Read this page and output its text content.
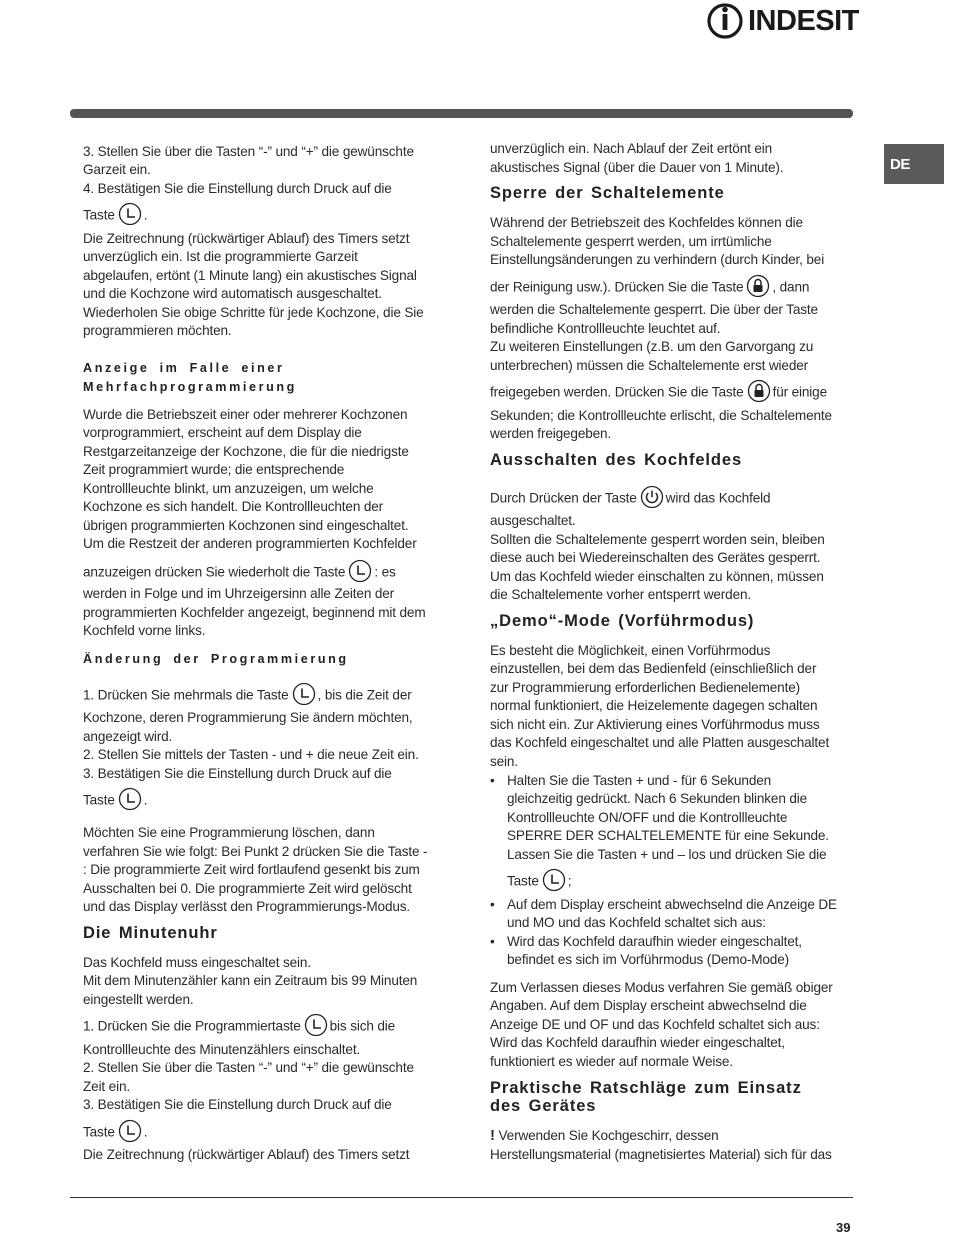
INDESIT
DE
3. Stellen Sie über die Tasten “-” und “+” die gewünschte
Garzeit ein.
4. Bestätigen Sie die Einstellung durch Druck auf die
Taste .
Die Zeitrechnung (rückwärtiger Ablauf) des Timers setzt
unverzüglich ein. Ist die programmierte Garzeit
abgelaufen, ertönt (1 Minute lang) ein akustisches Signal
und die Kochzone wird automatisch ausgeschaltet.
Wiederholen Sie obige Schritte für jede Kochzone, die Sie
programmieren möchten.
Anzeige im Falle einer
Mehrfachprogrammierung
Wurde die Betriebszeit einer oder mehrerer Kochzonen
vorprogrammiert, erscheint auf dem Display die
Restgarzeitanzeige der Kochzone, die für die niedrigste
Zeit programmiert wurde; die entsprechende
Kontrollleuchte blinkt, um anzuzeigen, um welche
Kochzone es sich handelt. Die Kontrollleuchten der
übrigen programmierten Kochzonen sind eingeschaltet.
Um die Restzeit der anderen programmierten Kochfelder
anzuzeigen drücken Sie wiederholt die Taste : es
werden in Folge und im Uhrzeigersinn alle Zeiten der
programmierten Kochfelder angezeigt, beginnend mit dem
Kochfeld vorne links.
Änderung der Programmierung
1. Drücken Sie mehrmals die Taste , bis die Zeit der
Kochzone, deren Programmierung Sie ändern möchten,
angezeigt wird.
2. Stellen Sie mittels der Tasten - und + die neue Zeit ein.
3. Bestätigen Sie die Einstellung durch Druck auf die
Taste .
Möchten Sie eine Programmierung löschen, dann
verfahren Sie wie folgt: Bei Punkt 2 drücken Sie die Taste -
: Die programmierte Zeit wird fortlaufend gesenkt bis zum
Ausschalten bei 0. Die programmierte Zeit wird gelöscht
und das Display verlässt den Programmierungs-Modus.
Die Minutenuhr
Das Kochfeld muss eingeschaltet sein.
Mit dem Minutenzähler kann ein Zeitraum bis 99 Minuten
eingestellt werden.
1. Drücken Sie die Programmiertaste bis sich die
Kontrollleuchte des Minutenzählers einschaltet.
2. Stellen Sie über die Tasten “-” und “+” die gewünschte
Zeit ein.
3. Bestätigen Sie die Einstellung durch Druck auf die
Taste .
Die Zeitrechnung (rückwärtiger Ablauf) des Timers setzt
unverzüglich ein. Nach Ablauf der Zeit ertönt ein
akustisches Signal (über die Dauer von 1 Minute).
Sperre der Schaltelemente
Während der Betriebszeit des Kochfeldes können die
Schaltelemente gesperrt werden, um irrtümliche
Einstellungsänderungen zu verhindern (durch Kinder, bei
der Reinigung usw.). Drücken Sie die Taste , dann
werden die Schaltelemente gesperrt. Die über der Taste
befindliche Kontrollleuchte leuchtet auf.
Zu weiteren Einstellungen (z.B. um den Garvorgang zu
unterbrechen) müssen die Schaltelemente erst wieder
freigegeben werden. Drücken Sie die Taste für einige
Sekunden; die Kontrollleuchte erlischt, die Schaltelemente
werden freigegeben.
Ausschalten des Kochfeldes
Durch Drücken der Taste wird das Kochfeld
ausgeschaltet.
Sollten die Schaltelemente gesperrt worden sein, bleiben
diese auch bei Wiedereinschalten des Gerätes gesperrt.
Um das Kochfeld wieder einschalten zu können, müssen
die Schaltelemente vorher entsperrt werden.
„Demo“-Mode (Vorführmodus)
Es besteht die Möglichkeit, einen Vorführmodus
einzustellen, bei dem das Bedienfeld (einschließlich der
zur Programmierung erforderlichen Bedienelemente)
normal funktioniert, die Heizelemente dagegen schalten
sich nicht ein. Zur Aktivierung eines Vorführmodus muss
das Kochfeld eingeschaltet und alle Platten ausgeschaltet
sein.
• Halten Sie die Tasten + und - für 6 Sekunden
gleichzeitig gedrückt. Nach 6 Sekunden blinken die
Kontrollleuchte ON/OFF und die Kontrollleuchte
SPERRE DER SCHALTELEMENTE für eine Sekunde.
Lassen Sie die Tasten + und – los und drücken Sie die
Taste ;
• Auf dem Display erscheint abwechselnd die Anzeige DE
und MO und das Kochfeld schaltet sich aus:
• Wird das Kochfeld daraufhin wieder eingeschaltet,
befindet es sich im Vorführmodus (Demo-Mode)
Zum Verlassen dieses Modus verfahren Sie gemäß obiger
Angaben. Auf dem Display erscheint abwechselnd die
Anzeige DE und OF und das Kochfeld schaltet sich aus:
Wird das Kochfeld daraufhin wieder eingeschaltet,
funktioniert es wieder auf normale Weise.
Praktische Ratschläge zum Einsatz
des Gerätes
! Verwenden Sie Kochgeschirr, dessen
Herstellungsmaterial (magnetisiertes Material) sich für das
39
